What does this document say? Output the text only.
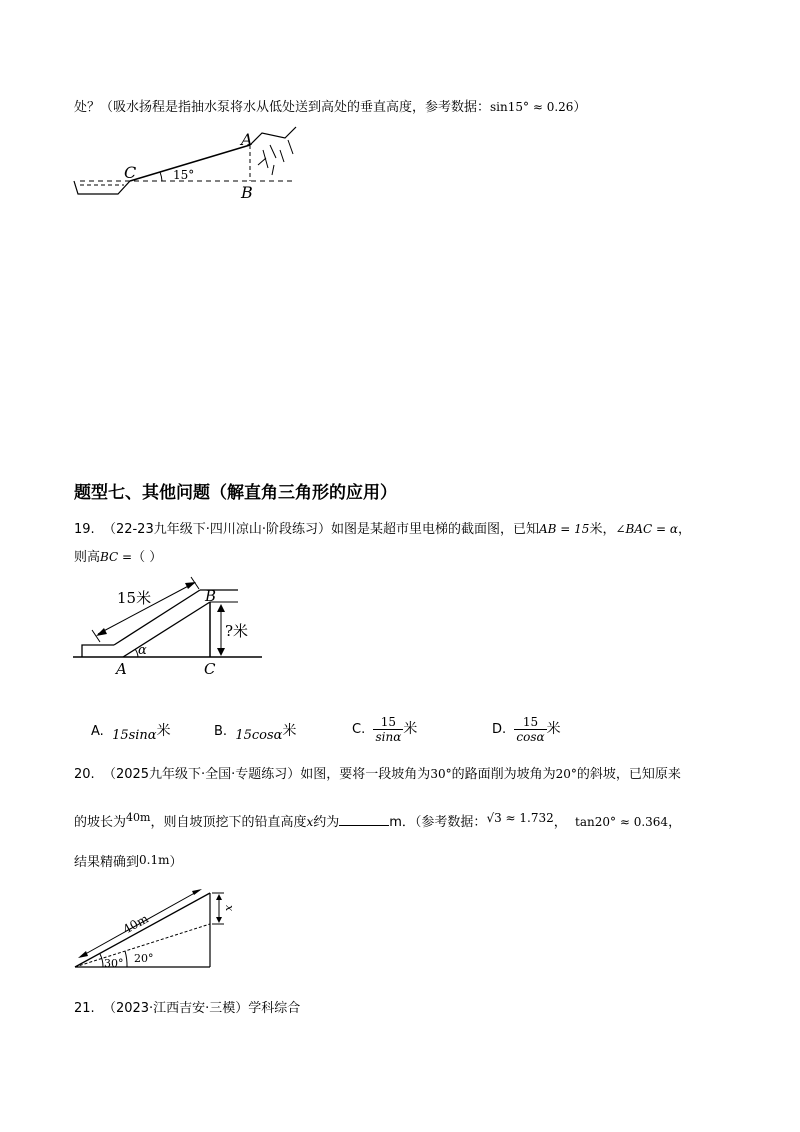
处？（吸水扬程是指抽水泵将水从低处送到高处的垂直高度，参考数据：sin15° ≈ 0.26）
C
A
B
15°
题型七、其他问题（解直角三角形的应用）
19. （22-23九年级下·四川凉山·阶段练习）如图是某超市里电梯的截面图，已知AB = 15米，∠BAC = α，
则高BC =（ ）
15米
?米
B
A	C
α
A. 15sinα米	B. 15cosα米	C. $\frac{15}{\sin\alpha}$ 米	D. $\frac{15}{\cos\alpha}$ 米
20. （2025九年级下·全国·专题练习）如图，要将一段坡角为30°的路面削为坡角为20°的斜坡，已知原来
的坡长为$^{40m}$，则自坡顶挖下的铅直高度x约为	m．（参考数据：√3 ≈ 1.732， tan20° ≈ 0.364，
结果精确到0.1m）
40m
x
30° 20°
21. （2023·江西吉安·三模）学科综合
